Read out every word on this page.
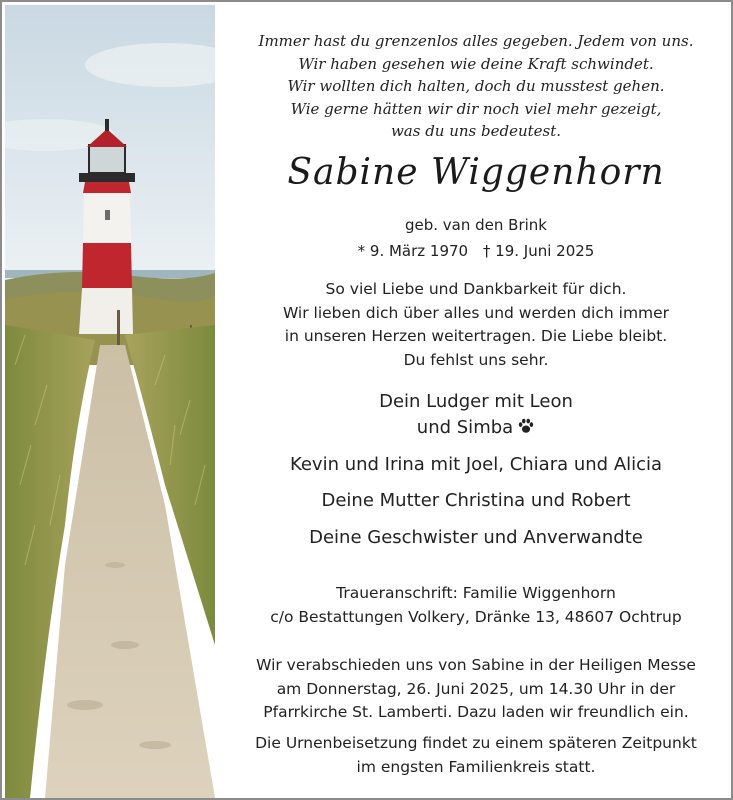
Immer hast du grenzenlos alles gegeben. Jedem von uns.
Wir haben gesehen wie deine Kraft schwindet.
Wir wollten dich halten, doch du musstest gehen.
Wie gerne hätten wir dir noch viel mehr gezeigt,
was du uns bedeutest.
Sabine Wiggenhorn
geb. van den Brink
* 9. März 1970 † 19. Juni 2025
So viel Liebe und Dankbarkeit für dich.
Wir lieben dich über alles und werden dich immer
in unseren Herzen weitertragen. Die Liebe bleibt.
Du fehlst uns sehr.
Dein Ludger mit Leon
und Simba
Kevin und Irina mit Joel, Chiara und Alicia
Deine Mutter Christina und Robert
Deine Geschwister und Anverwandte
Traueranschrift: Familie Wiggenhorn
c/o Bestattungen Volkery, Dränke 13, 48607 Ochtrup
Wir verabschieden uns von Sabine in der Heiligen Messe
am Donnerstag, 26. Juni 2025, um 14.30 Uhr in der
Pfarrkirche St. Lamberti. Dazu laden wir freundlich ein.
Die Urnenbeisetzung findet zu einem späteren Zeitpunkt
im engsten Familienkreis statt.
